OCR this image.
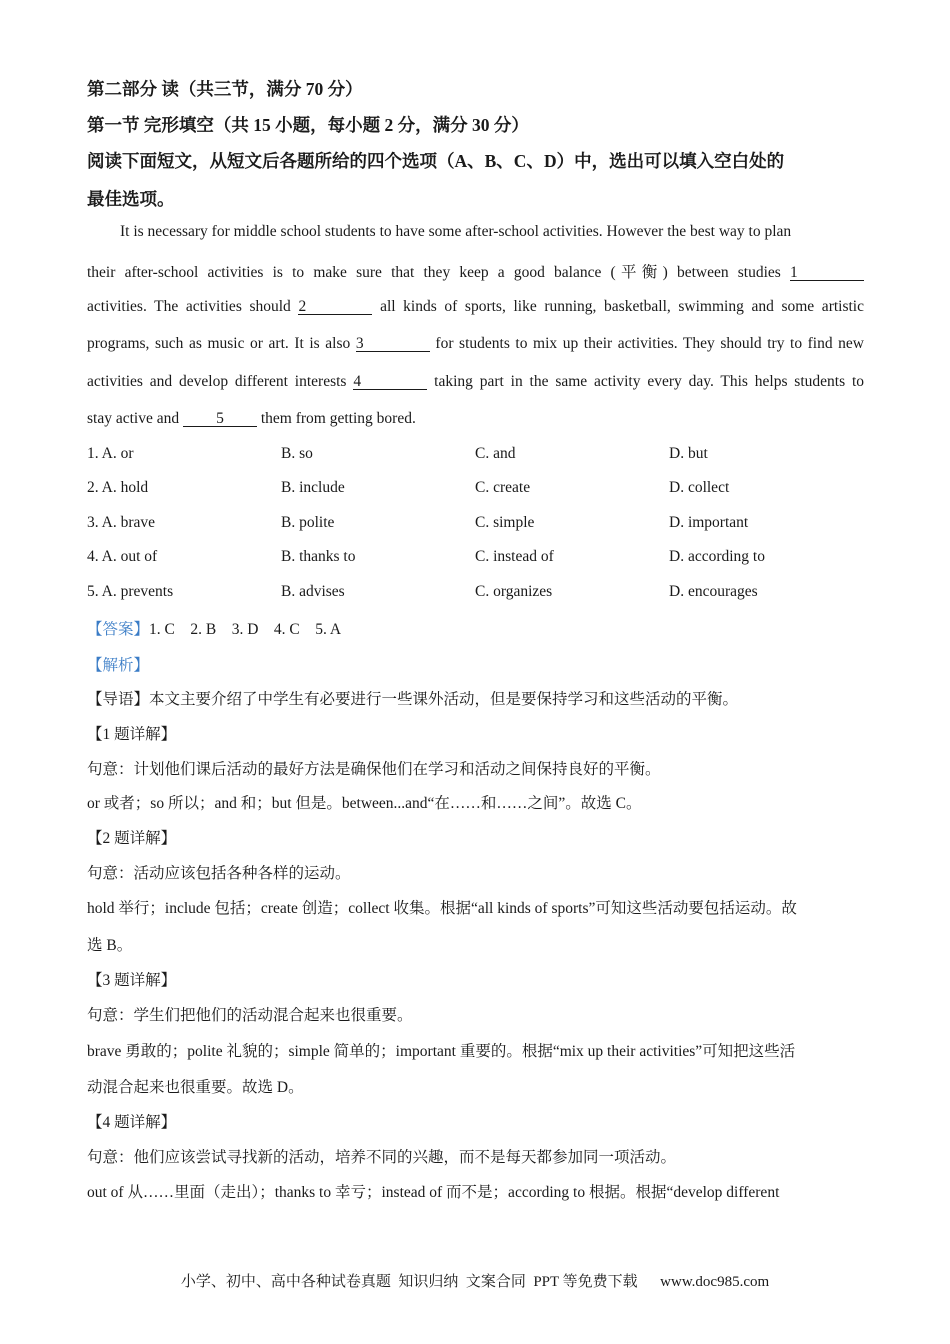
第二部分 读（共三节，满分 70 分）
第一节 完形填空（共 15 小题，每小题 2 分，满分 30 分）
阅读下面短文，从短文后各题所给的四个选项（A、B、C、D）中，选出可以填入空白处的
最佳选项。
It is necessary for middle school students to have some after-school activities. However the best way to plan
their after-school activities is to make sure that they keep a good balance (平衡) between studies 1
activities. The activities should 2	all kinds of sports, like running, basketball, swimming and some artistic
programs, such as music or art. It is also 3	for students to mix up their activities. They should try to find new
activities and develop different interests 4	taking part in the same activity every day. This helps students to
stay active and 5 them from getting bored.
1. A. or	B. so	C. and	D. but
2. A. hold	B. include	C. create	D. collect
3. A. brave	B. polite	C. simple	D. important
4. A. out of	B. thanks to	C. instead of	D. according to
5. A. prevents	B. advises	C. organizes	D. encourages
【答案】1. C    2. B    3. D    4. C    5. A
【解析】
【导语】本文主要介绍了中学生有必要进行一些课外活动，但是要保持学习和这些活动的平衡。
【1 题详解】
句意：计划他们课后活动的最好方法是确保他们在学习和活动之间保持良好的平衡。
or 或者；so 所以；and 和；but 但是。between...and“在……和……之间”。故选 C。
【2 题详解】
句意：活动应该包括各种各样的运动。
hold 举行；include 包括；create 创造；collect 收集。根据“all kinds of sports”可知这些活动要包括运动。故
选 B。
【3 题详解】
句意：学生们把他们的活动混合起来也很重要。
brave 勇敢的；polite 礼貌的；simple 简单的；important 重要的。根据“mix up their activities”可知把这些活
动混合起来也很重要。故选 D。
【4 题详解】
句意：他们应该尝试寻找新的活动，培养不同的兴趣，而不是每天都参加同一项活动。
out of 从……里面（走出）；thanks to 幸亏；instead of 而不是；according to 根据。根据“develop different
小学、初中、高中各种试卷真题  知识归纳  文案合同  PPT 等免费下载      www.doc985.com
